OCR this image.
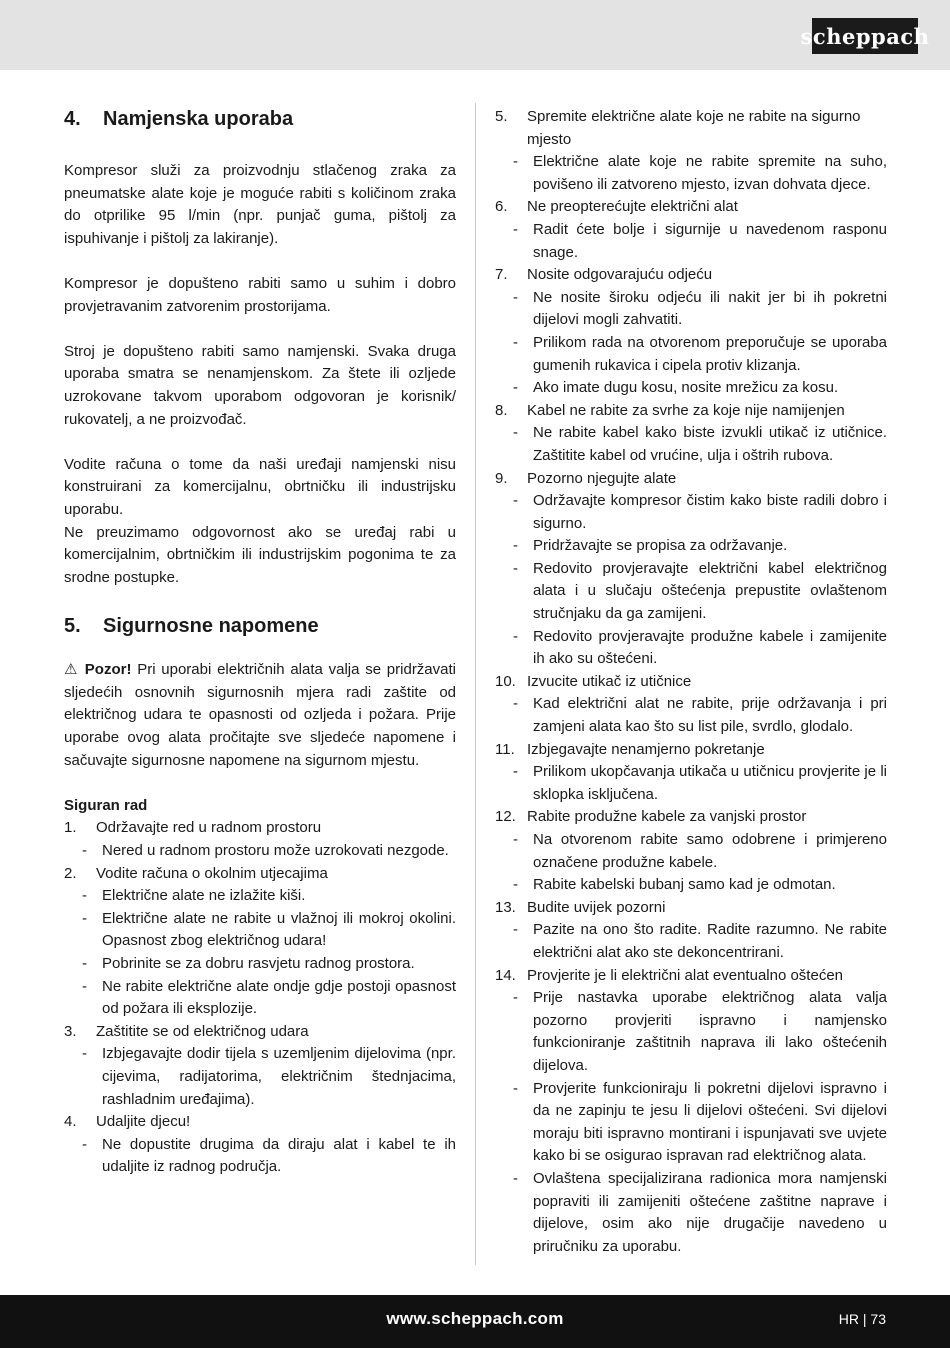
scheppach
4. Namjenska uporaba

Kompresor služi za proizvodnju stlačenog zraka za pneumatske alate koje je moguće rabiti s količinom zraka do otprilike 95 l/min (npr. punjač guma, pištolj za ispuhivanje i pištolj za lakiranje).

Kompresor je dopušteno rabiti samo u suhim i dobro provjetravanim zatvorenim prostorijama.

Stroj je dopušteno rabiti samo namjenski. Svaka druga uporaba smatra se nenamjenskom. Za štete ili ozljede uzrokovane takvom uporabom odgovoran je korisnik/ rukovatelj, a ne proizvođač.

Vodite računa o tome da naši uređaji namjenski nisu konstruirani za komercijalnu, obrtničku ili industrijsku uporabu.

Ne preuzimamo odgovornost ako se uređaj rabi u komercijalnim, obrtničkim ili industrijskim pogonima te za srodne postupke.

5. Sigurnosne napomene

⚠ Pozor! Pri uporabi električnih alata valja se pridržavati sljedećih osnovnih sigurnosnih mjera radi zaštite od električnog udara te opasnosti od ozljeda i požara. Prije uporabe ovog alata pročitajte sve sljedeće napomene i sačuvajte sigurnosne napomene na sigurnom mjestu.

Siguran rad

1.	Održavajte red u radnom prostoru
-	Nered u radnom prostoru može uzrokovati nezgode.
2.	Vodite računa o okolnim utjecajima
-	Električne alate ne izlažite kiši.
-	Električne alate ne rabite u vlažnoj ili mokroj okolini. Opasnost zbog električnog udara!
-	Pobrinite se za dobru rasvjetu radnog prostora.
-	Ne rabite električne alate ondje gdje postoji opasnost od požara ili eksplozije.
3.	Zaštitite se od električnog udara
-	Izbjegavajte dodir tijela s uzemljenim dijelovima (npr. cijevima, radijatorima, električnim štednjacima, rashladnim uređajima).
4.	Udaljite djecu!
-	Ne dopustite drugima da diraju alat i kabel te ih udaljite iz radnog područja.
5.	Spremite električne alate koje ne rabite na sigurno mjesto
-	Električne alate koje ne rabite spremite na suho, povišeno ili zatvoreno mjesto, izvan dohvata djece.
6.	Ne preopterećujte električni alat
-	Radit ćete bolje i sigurnije u navedenom rasponu snage.
7.	Nosite odgovarajuću odjeću
-	Ne nosite široku odjeću ili nakit jer bi ih pokretni dijelovi mogli zahvatiti.
-	Prilikom rada na otvorenom preporučuje se uporaba gumenih rukavica i cipela protiv klizanja.
-	Ako imate dugu kosu, nosite mrežicu za kosu.
8.	Kabel ne rabite za svrhe za koje nije namijenjen
-	Ne rabite kabel kako biste izvukli utikač iz utičnice. Zaštitite kabel od vrućine, ulja i oštrih rubova.
9.	Pozorno njegujte alate
-	Održavajte kompresor čistim kako biste radili dobro i sigurno.
-	Pridržavajte se propisa za održavanje.
-	Redovito provjeravajte električni kabel električnog alata i u slučaju oštećenja prepustite ovlaštenom stručnjaku da ga zamijeni.
-	Redovito provjeravajte produžne kabele i zamijenite ih ako su oštećeni.
10. Izvucite utikač iz utičnice
-	Kad električni alat ne rabite, prije održavanja i pri zamjeni alata kao što su list pile, svrdlo, glodalo.
11. Izbjegavajte nenamjerno pokretanje
-	Prilikom ukopčavanja utikača u utičnicu provjerite je li sklopka isključena.
12. Rabite produžne kabele za vanjski prostor
-	Na otvorenom rabite samo odobrene i primjereno označene produžne kabele.
-	Rabite kabelski bubanj samo kad je odmotan.
13. Budite uvijek pozorni
-	Pazite na ono što radite. Radite razumno. Ne rabite električni alat ako ste dekoncentrirani.
14. Provjerite je li električni alat eventualno oštećen
-	Prije nastavka uporabe električnog alata valja pozorno provjeriti ispravno i namjensko funkcioniranje zaštitnih naprava ili lako oštećenih dijelova.
-	Provjerite funkcioniraju li pokretni dijelovi ispravno i da ne zapinju te jesu li dijelovi oštećeni. Svi dijelovi moraju biti ispravno montirani i ispunjavati sve uvjete kako bi se osigurao ispravan rad električnog alata.
-	Ovlaštena specijalizirana radionica mora namjenski popraviti ili zamijeniti oštećene zaštitne naprave i dijelove, osim ako nije drugačije navedeno u priručniku za uporabu.
www.scheppach.com	HR | 73
